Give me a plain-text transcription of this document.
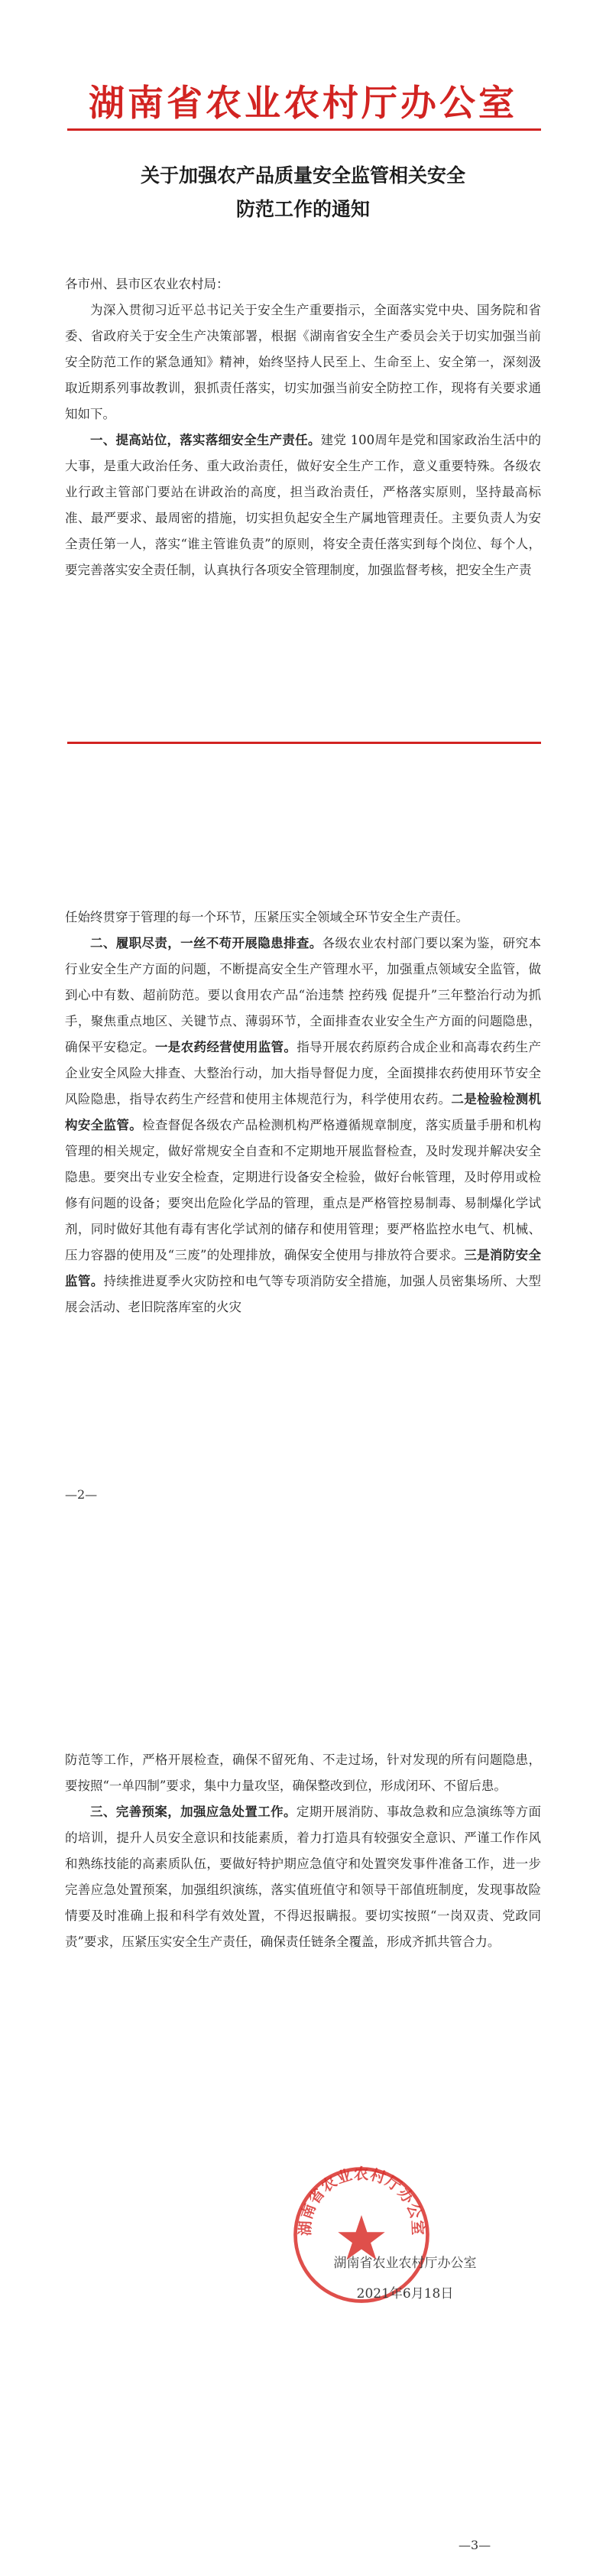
湖南省农业农村厅办公室
关于加强农产品质量安全监管相关安全
防范工作的通知

各市州、县市区农业农村局：

为深入贯彻习近平总书记关于安全生产重要指示，全面落实党中央、国务院和省委、省政府关于安全生产决策部署，根据《湖南省安全生产委员会关于切实加强当前安全防范工作的紧急通知》精神，始终坚持人民至上、生命至上、安全第一，深刻汲取近期系列事故教训，狠抓责任落实，切实加强当前安全防控工作，现将有关要求通知如下。

一、提高站位，落实落细安全生产责任。建党 100周年是党和国家政治生活中的大事，是重大政治任务、重大政治责任，做好安全生产工作，意义重要特殊。各级农业行政主管部门要站在讲政治的高度，担当政治责任，严格落实原则，坚持最高标准、最严要求、最周密的措施，切实担负起安全生产属地管理责任。主要负责人为安全责任第一人，落实“谁主管谁负责”的原则，将安全责任落实到每个岗位、每个人，要完善落实安全责任制，认真执行各项安全管理制度，加强监督考核，把安全生产责

任始终贯穿于管理的每一个环节，压紧压实全领域全环节安全生产责任。

二、履职尽责，一丝不苟开展隐患排查。各级农业农村部门要以案为鉴，研究本行业安全生产方面的问题，不断提高安全生产管理水平，加强重点领域安全监管，做到心中有数、超前防范。要以食用农产品“治违禁 控药残 促提升”三年整治行动为抓手，聚焦重点地区、关键节点、薄弱环节，全面排查农业安全生产方面的问题隐患，确保平安稳定。一是农药经营使用监管。指导开展农药原药合成企业和高毒农药生产企业安全风险大排查、大整治行动，加大指导督促力度，全面摸排农药使用环节安全风险隐患，指导农药生产经营和使用主体规范行为，科学使用农药。二是检验检测机构安全监管。检查督促各级农产品检测机构严格遵循规章制度，落实质量手册和机构管理的相关规定，做好常规安全自查和不定期地开展监督检查，及时发现并解决安全隐患。要突出专业安全检查，定期进行设备安全检验，做好台帐管理，及时停用或检修有问题的设备；要突出危险化学品的管理，重点是严格管控易制毒、易制爆化学试剂，同时做好其他有毒有害化学试剂的储存和使用管理；要严格监控水电气、机械、压力容器的使用及“三废”的处理排放，确保安全使用与排放符合要求。三是消防安全监管。持续推进夏季火灾防控和电气等专项消防安全措施，加强人员密集场所、大型展会活动、老旧院落库室的火灾

—2—

防范等工作，严格开展检查，确保不留死角、不走过场，针对发现的所有问题隐患，要按照“一单四制”要求，集中力量攻坚，确保整改到位，形成闭环、不留后患。

三、完善预案，加强应急处置工作。定期开展消防、事故急救和应急演练等方面的培训，提升人员安全意识和技能素质，着力打造具有较强安全意识、严谨工作作风和熟练技能的高素质队伍，要做好特护期应急值守和处置突发事件准备工作，进一步完善应急处置预案，加强组织演练，落实值班值守和领导干部值班制度，发现事故险情要及时准确上报和科学有效处置，不得迟报瞒报。要切实按照“一岗双责、党政同责”要求，压紧压实安全生产责任，确保责任链条全覆盖，形成齐抓共管合力。

湖南省农业农村厅办公室
湖南省农业农村厅办公室
2021年6月18日
—3—
